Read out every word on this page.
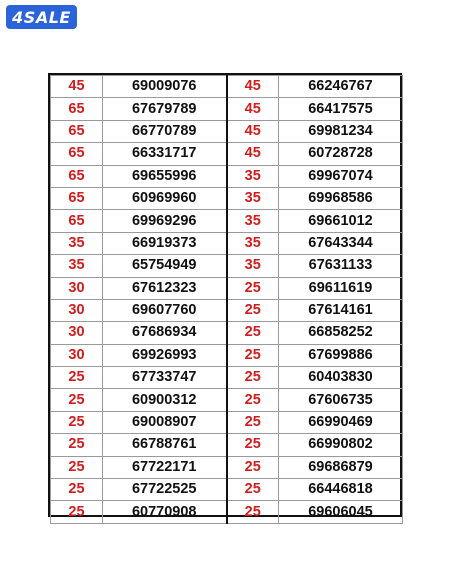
4SALE
45	69009076	45	66246767
65	67679789	45	66417575
65	66770789	45	69981234
65	66331717	45	60728728
65	69655996	35	69967074
65	60969960	35	69968586
65	69969296	35	69661012
35	66919373	35	67643344
35	65754949	35	67631133
30	67612323	25	69611619
30	69607760	25	67614161
30	67686934	25	66858252
30	69926993	25	67699886
25	67733747	25	60403830
25	60900312	25	67606735
25	69008907	25	66990469
25	66788761	25	66990802
25	67722171	25	69686879
25	67722525	25	66446818
25	60770908	25	69606045
